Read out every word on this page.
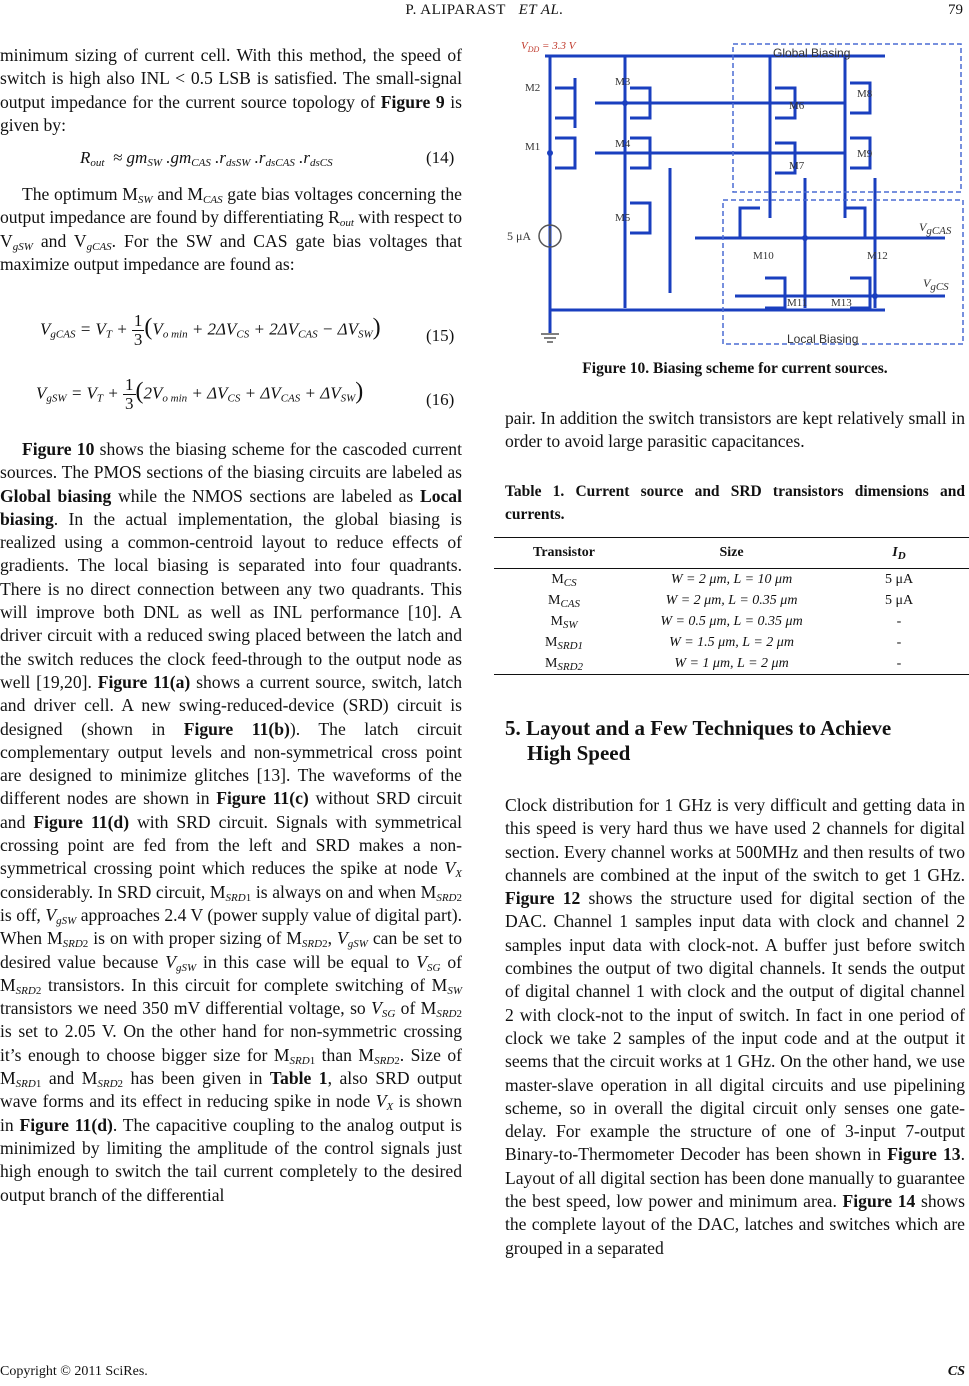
P. ALIPARAST ET AL.	79

minimum sizing of current cell. With this method, the speed of switch is high also INL < 0.5 LSB is satisfied. The small-signal output impedance for the current source topology of Figure 9 is given by:

$R_{out} \approx gm_{SW}$ $.gm_{CAS}$ $.r_{dsSW}$ $.r_{dsCAS}$ $.r_{dsCS}$	(14)

The optimum $M_{SW}$ and $M_{CAS}$ gate bias voltages concerning the output impedance are found by differentiating $R_{out}$ with respect to $V_{gSW}$ and $V_{gCAS}$. For the SW and CAS gate bias voltages that maximize output impedance are found as:

$V_{gCAS} = V_T + \frac{1}{3} (V_{o min} + 2\Delta V_{CS} + 2\Delta V_{CAS} - \Delta V_{SW})$	(15)
$V_{gSW} = V_T + \frac{1}{3} (2V_{o min} + \Delta V_{CS} + \Delta V_{CAS} + \Delta V_{SW})$	(16)

Figure 10 shows the biasing scheme for the cascoded current sources. The PMOS sections of the biasing circuits are labeled as Global biasing while the NMOS sections are labeled as Local biasing. In the actual implementation, the global biasing is realized using a common-centroid layout to reduce effects of gradients. The local biasing is separated into four quadrants. There is no direct connection between any two quadrants. This will improve both DNL as well as INL performance [10]. A driver circuit with a reduced swing placed between the latch and the switch reduces the clock feed-through to the output node as well [19,20]. Figure 11(a) shows a current source, switch, latch and driver cell. A new swing-reduced-device (SRD) circuit is designed (shown in Figure 11(b)). The latch circuit complementary output levels and non-symmetrical cross point are designed to minimize glitches [13]. The waveforms of the different nodes are shown in Figure 11(c) without SRD circuit and Figure 11(d) with SRD circuit. Signals with symmetrical crossing point are fed from the left and SRD makes a non-symmetrical crossing point which reduces the spike at node $V_X$ considerably. In SRD circuit, $M_{SRD1}$ is always on and when $M_{SRD2}$ is off, $V_{gSW}$ approaches 2.4 V (power supply value of digital part). When $M_{SRD2}$ is on with proper sizing of $M_{SRD2}$, $V_{gSW}$ can be set to desired value because $V_{gSW}$ in this case will be equal to $V_{SG}$ of $M_{SRD2}$ transistors. In this circuit for complete switching of $M_{SW}$ transistors we need 350 mV differential voltage, so $V_{SG}$ of $M_{SRD2}$ is set to 2.05 V. On the other hand for non-symmetric crossing it’s enough to choose bigger size for $M_{SRD1}$ than $M_{SRD2}$. Size of $M_{SRD1}$ and $M_{SRD2}$ has been given in Table 1, also SRD output wave forms and its effect in reducing spike in node $V_X$ is shown in Figure 11(d). The capacitive coupling to the analog output is minimized by limiting the amplitude of the control signals just high enough to switch the tail current completely to the desired output branch of the differential

$V_{DD} = 3.3$ V	Global Biasing
Local Biasing
5 μA
M2
M1
M3
M4
M5
M6
M7
M8
M9
M10
M11
M12
M13
$V_{gCAS}$
$V_{gCS}$
Figure 10. Biasing scheme for current sources.

pair. In addition the switch transistors are kept relatively small in order to avoid large parasitic capacitances.

Table 1. Current source and SRD transistors dimensions and currents.
Transistor	Size	$I_D$
$M_{CS}$	W = 2 μm, L = 10 μm	5 μA
$M_{CAS}$	W = 2 μm, L = 0.35 μm	5 μA
$M_{SW}$	W = 0.5 μm, L = 0.35 μm	-
$M_{SRD1}$	W = 1.5 μm, L = 2 μm	-
$M_{SRD2}$	W = 1 μm, L = 2 μm	-
5. Layout and a Few Techniques to Achieve
High Speed

Clock distribution for 1 GHz is very difficult and getting data in this speed is very hard thus we have used 2 channels for digital section. Every channel works at 500MHz and then results of two channels are combined at the input of the switch to get 1 GHz. Figure 12 shows the structure used for digital section of the DAC. Channel 1 samples input data with clock and channel 2 samples input data with clock-not. A buffer just before switch combines the output of two digital channels. It sends the output of digital channel 1 with clock and the output of digital channel 2 with clock-not to the input of switch. In fact in one period of clock we take 2 samples of the input code and at the output it seems that the circuit works at 1 GHz. On the other hand, we use master-slave operation in all digital circuits and use pipelining scheme, so in overall the digital circuit only senses one gate-delay. For example the structure of one of 3-input 7-output Binary-to-Thermometer Decoder has been shown in Figure 13. Layout of all digital section has been done manually to guarantee the best speed, low power and minimum area. Figure 14 shows the complete layout of the DAC, latches and switches which are grouped in a separated

Copyright © 2011 SciRes.	CS
